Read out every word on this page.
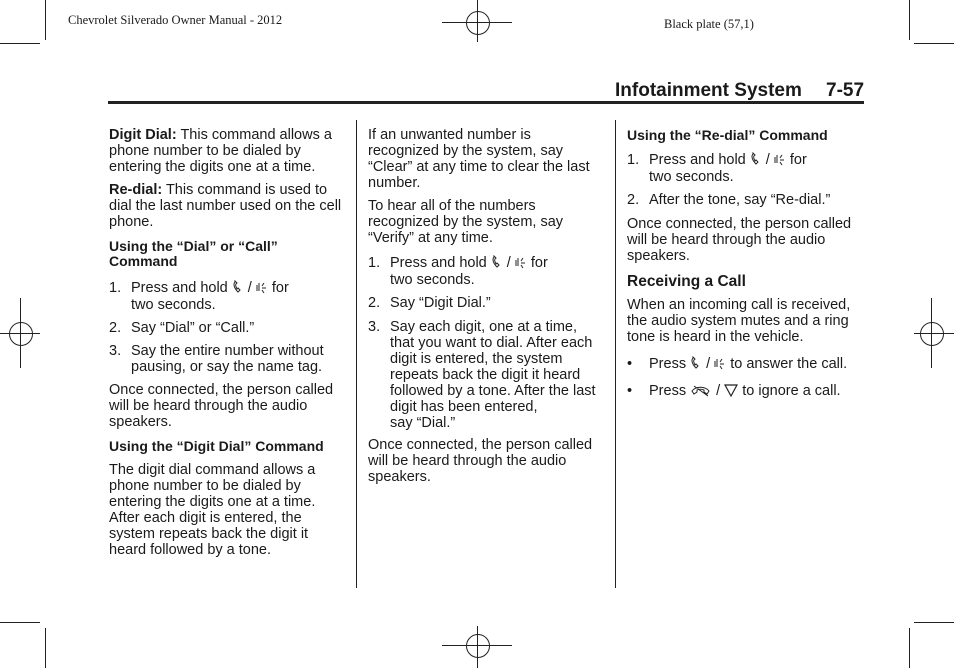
Chevrolet Silverado Owner Manual - 2012	Black plate (57,1)
Infotainment System 7-57
Digit Dial: This command allows a
phone number to be dialed by
entering the digits one at a time.
Re-dial: This command is used to
dial the last number used on the cell
phone.
Using the “Dial” or “Call”
Command
1. Press and hold / for
two seconds.
2. Say “Dial” or “Call.”
3. Say the entire number without
pausing, or say the name tag.
Once connected, the person called
will be heard through the audio
speakers.
Using the “Digit Dial” Command
The digit dial command allows a
phone number to be dialed by
entering the digits one at a time.
After each digit is entered, the
system repeats back the digit it
heard followed by a tone.
If an unwanted number is
recognized by the system, say
“Clear” at any time to clear the last
number.
To hear all of the numbers
recognized by the system, say
“Verify” at any time.
1. Press and hold / for
two seconds.
2. Say “Digit Dial.”
3. Say each digit, one at a time,
that you want to dial. After each
digit is entered, the system
repeats back the digit it heard
followed by a tone. After the last
digit has been entered,
say “Dial.”
Once connected, the person called
will be heard through the audio
speakers.
Using the “Re-dial” Command
1. Press and hold / for
two seconds.
2. After the tone, say “Re-dial.”
Once connected, the person called
will be heard through the audio
speakers.
Receiving a Call
When an incoming call is received,
the audio system mutes and a ring
tone is heard in the vehicle.
• Press / to answer the call.
• Press / to ignore a call.
